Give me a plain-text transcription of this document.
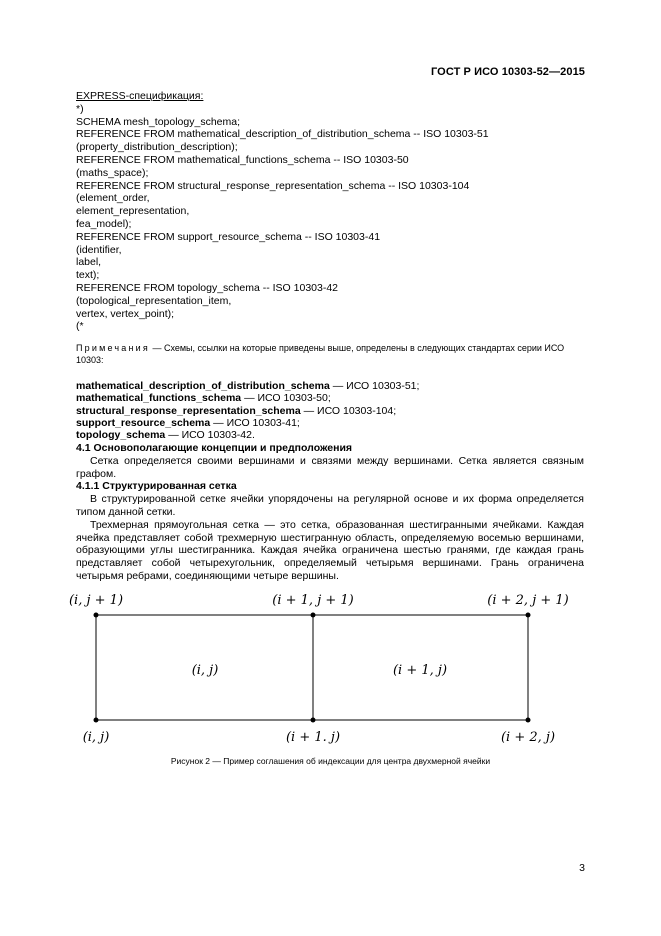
ГОСТ Р ИСО 10303-52—2015
EXPRESS-спецификация:
*)
SCHEMA mesh_topology_schema;
REFERENCE FROM mathematical_description_of_distribution_schema -- ISO 10303-51
(property_distribution_description);
REFERENCE FROM mathematical_functions_schema -- ISO 10303-50
(maths_space);
REFERENCE FROM structural_response_representation_schema -- ISO 10303-104
(element_order,
element_representation,
fea_model);
REFERENCE FROM support_resource_schema -- ISO 10303-41
(identifier,
label,
text);
REFERENCE FROM topology_schema -- ISO 10303-42
(topological_representation_item,
vertex, vertex_point);
(*
Примечания — Схемы, ссылки на которые приведены выше, определены в следующих стандартах серии ИСО 10303:
mathematical_description_of_distribution_schema — ИСО 10303-51;
mathematical_functions_schema — ИСО 10303-50;
structural_response_representation_schema — ИСО 10303-104;
support_resource_schema — ИСО 10303-41;
topology_schema — ИСО 10303-42.
4.1 Основополагающие концепции и предположения
Сетка определяется своими вершинами и связями между вершинами. Сетка является связным графом.
4.1.1 Структурированная сетка
В структурированной сетке ячейки упорядочены на регулярной основе и их форма определяется типом данной сетки.
Трехмерная прямоугольная сетка — это сетка, образованная шестигранными ячейками. Каждая ячейка представляет собой трехмерную шестигранную область, определяемую восемью вершинами, образующими углы шестигранника. Каждая ячейка ограничена шестью гранями, где каждая грань представляет собой четырехугольник, определяемый четырьмя вершинами. Грань ограничена четырьмя ребрами, соединяющими четыре вершины.
(i, j + 1)	(i + 1, j + 1)	(i + 2, j + 1)
(i, j)	(i + 1, j)
(i, j)	(i + 1. j)	(i + 2, j)
Рисунок 2 — Пример соглашения об индексации для центра двухмерной ячейки
3
